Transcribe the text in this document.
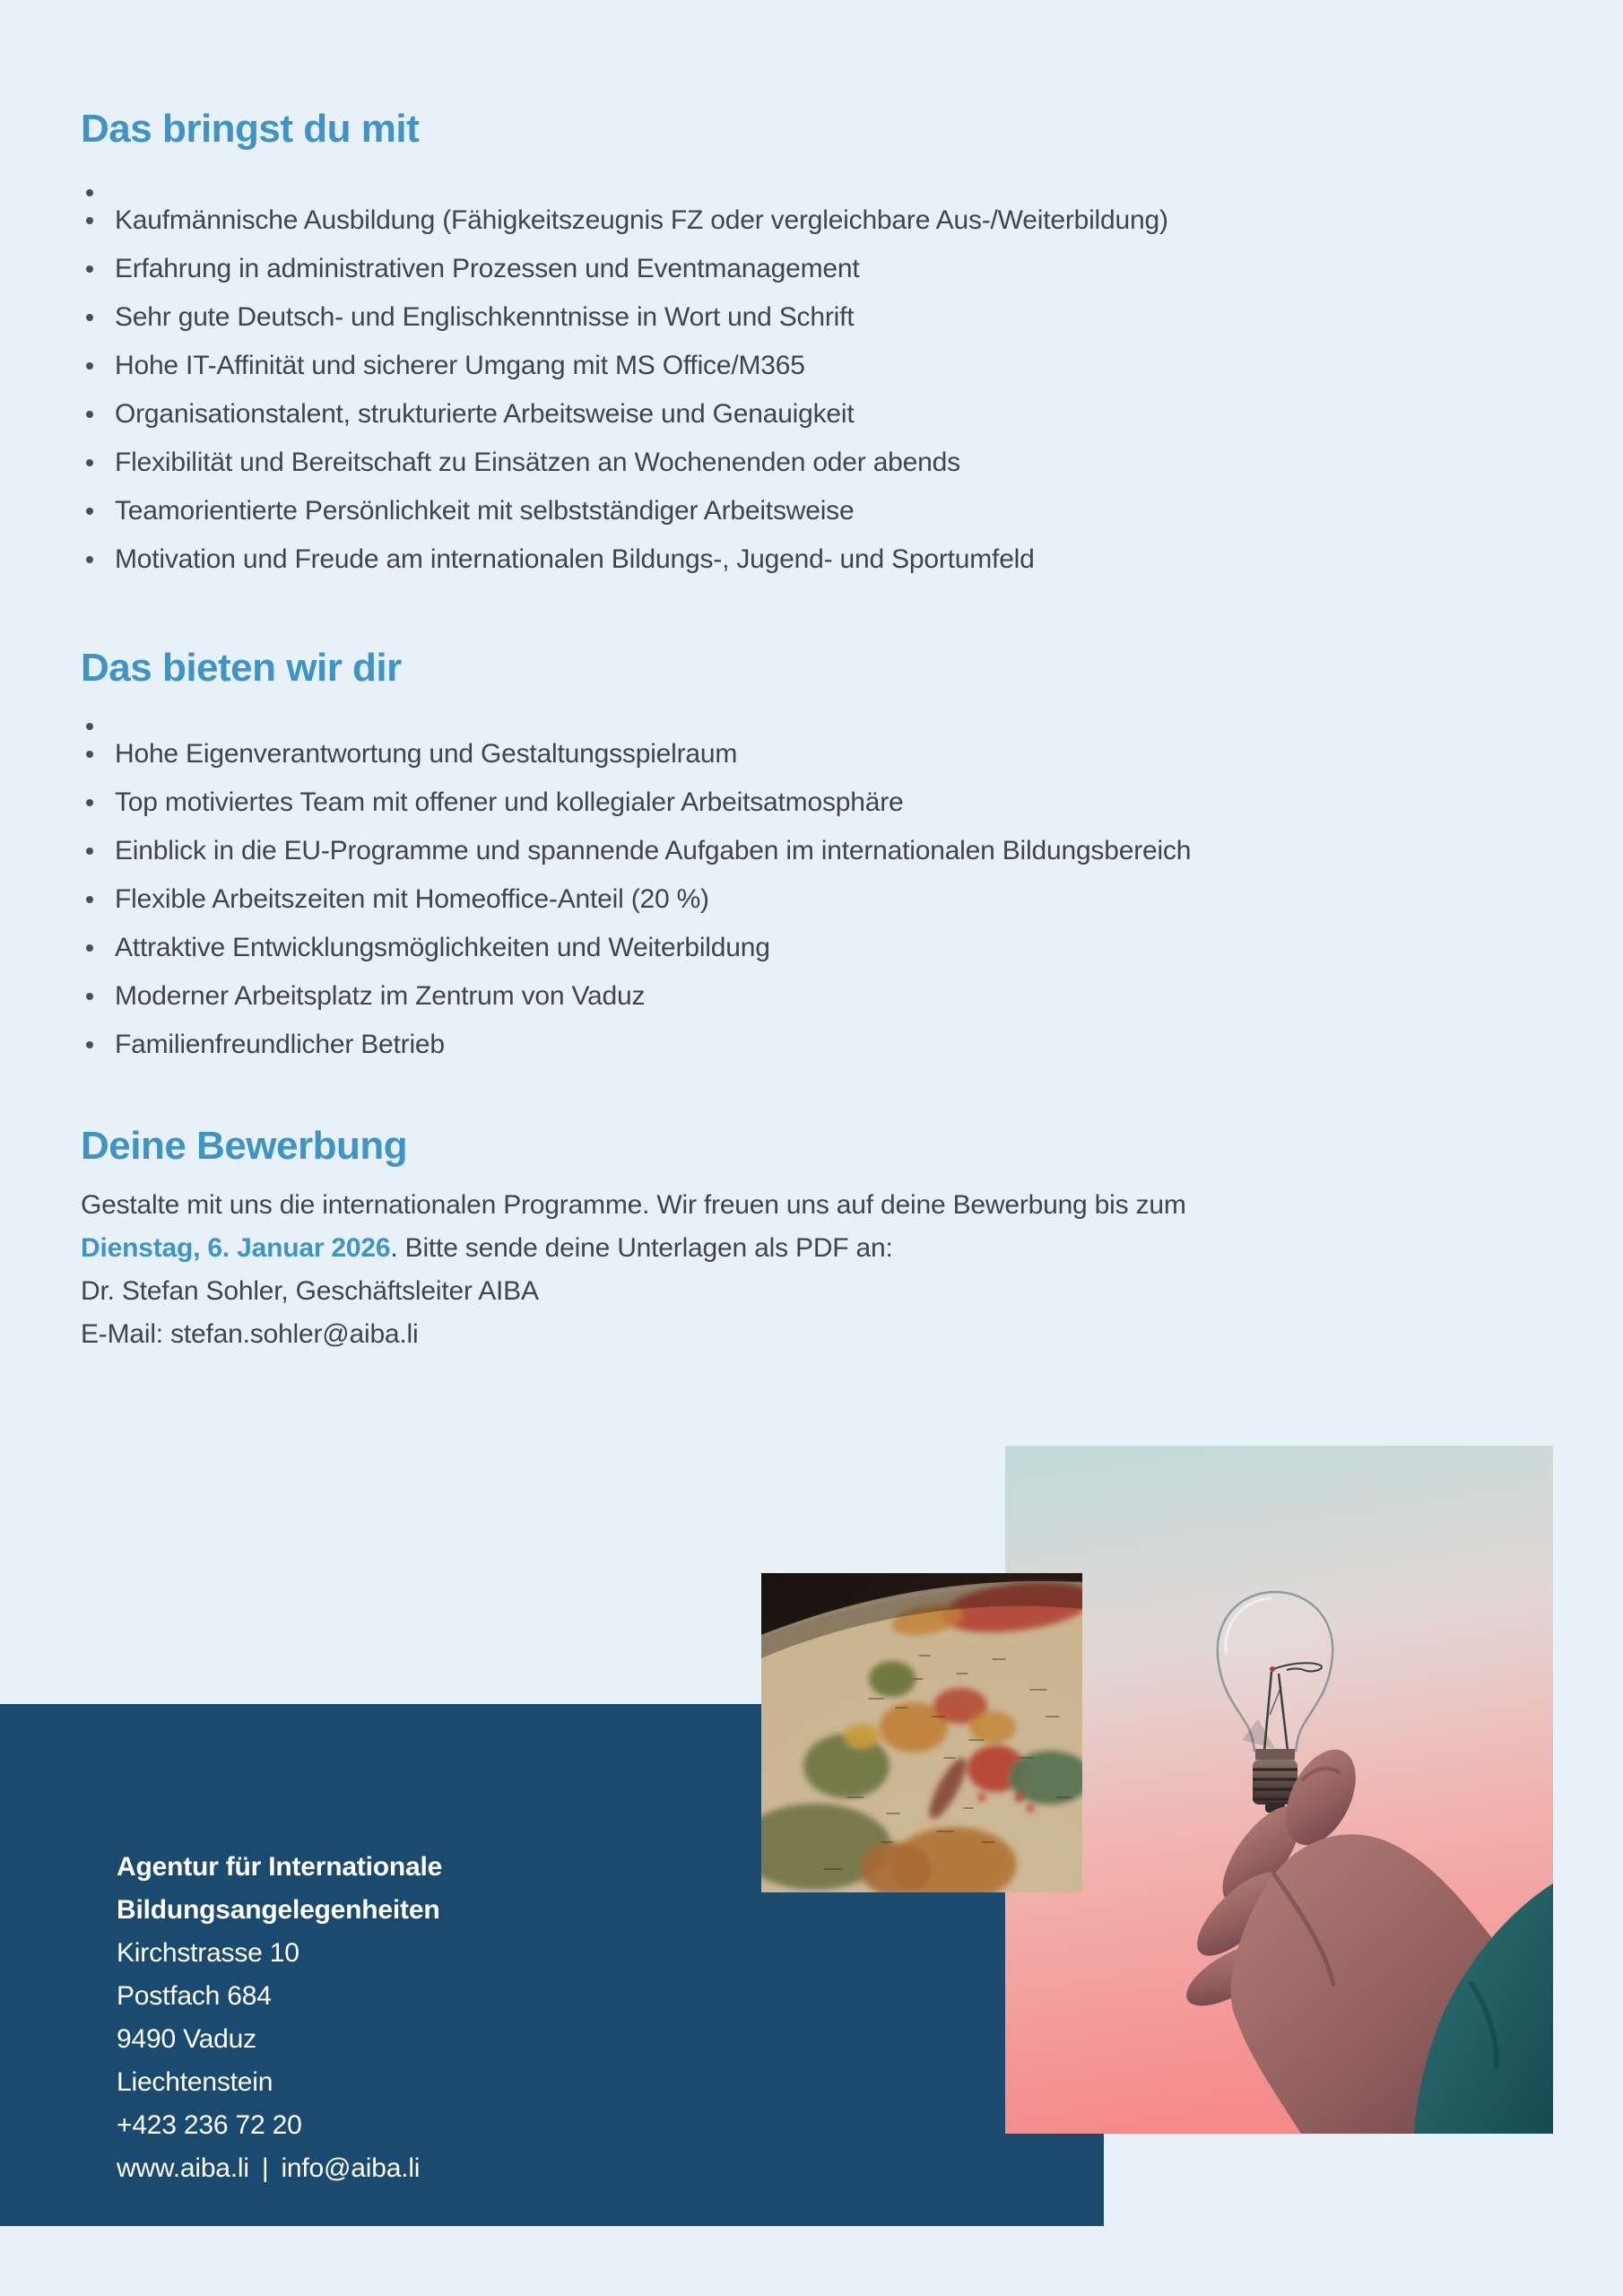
Das bringst du mit
Kaufmännische Ausbildung (Fähigkeitszeugnis FZ oder vergleichbare Aus-/Weiterbildung)
Erfahrung in administrativen Prozessen und Eventmanagement
Sehr gute Deutsch- und Englischkenntnisse in Wort und Schrift
Hohe IT-Affinität und sicherer Umgang mit MS Office/M365
Organisationstalent, strukturierte Arbeitsweise und Genauigkeit
Flexibilität und Bereitschaft zu Einsätzen an Wochenenden oder abends
Teamorientierte Persönlichkeit mit selbstständiger Arbeitsweise
Motivation und Freude am internationalen Bildungs-, Jugend- und Sportumfeld
Das bieten wir dir
Hohe Eigenverantwortung und Gestaltungsspielraum
Top motiviertes Team mit offener und kollegialer Arbeitsatmosphäre
Einblick in die EU-Programme und spannende Aufgaben im internationalen Bildungsbereich
Flexible Arbeitszeiten mit Homeoffice-Anteil (20 %)
Attraktive Entwicklungsmöglichkeiten und Weiterbildung
Moderner Arbeitsplatz im Zentrum von Vaduz
Familienfreundlicher Betrieb
Deine Bewerbung

Gestalte mit uns die internationalen Programme. Wir freuen uns auf deine Bewerbung bis zum
Dienstag, 6. Januar 2026. Bitte sende deine Unterlagen als PDF an:
Dr. Stefan Sohler, Geschäftsleiter AIBA
E-Mail: stefan.sohler@aiba.li

Agentur für Internationale
Bildungsangelegenheiten
Kirchstrasse 10
Postfach 684
9490 Vaduz
Liechtenstein
+423 236 72 20
www.aiba.li | info@aiba.li
